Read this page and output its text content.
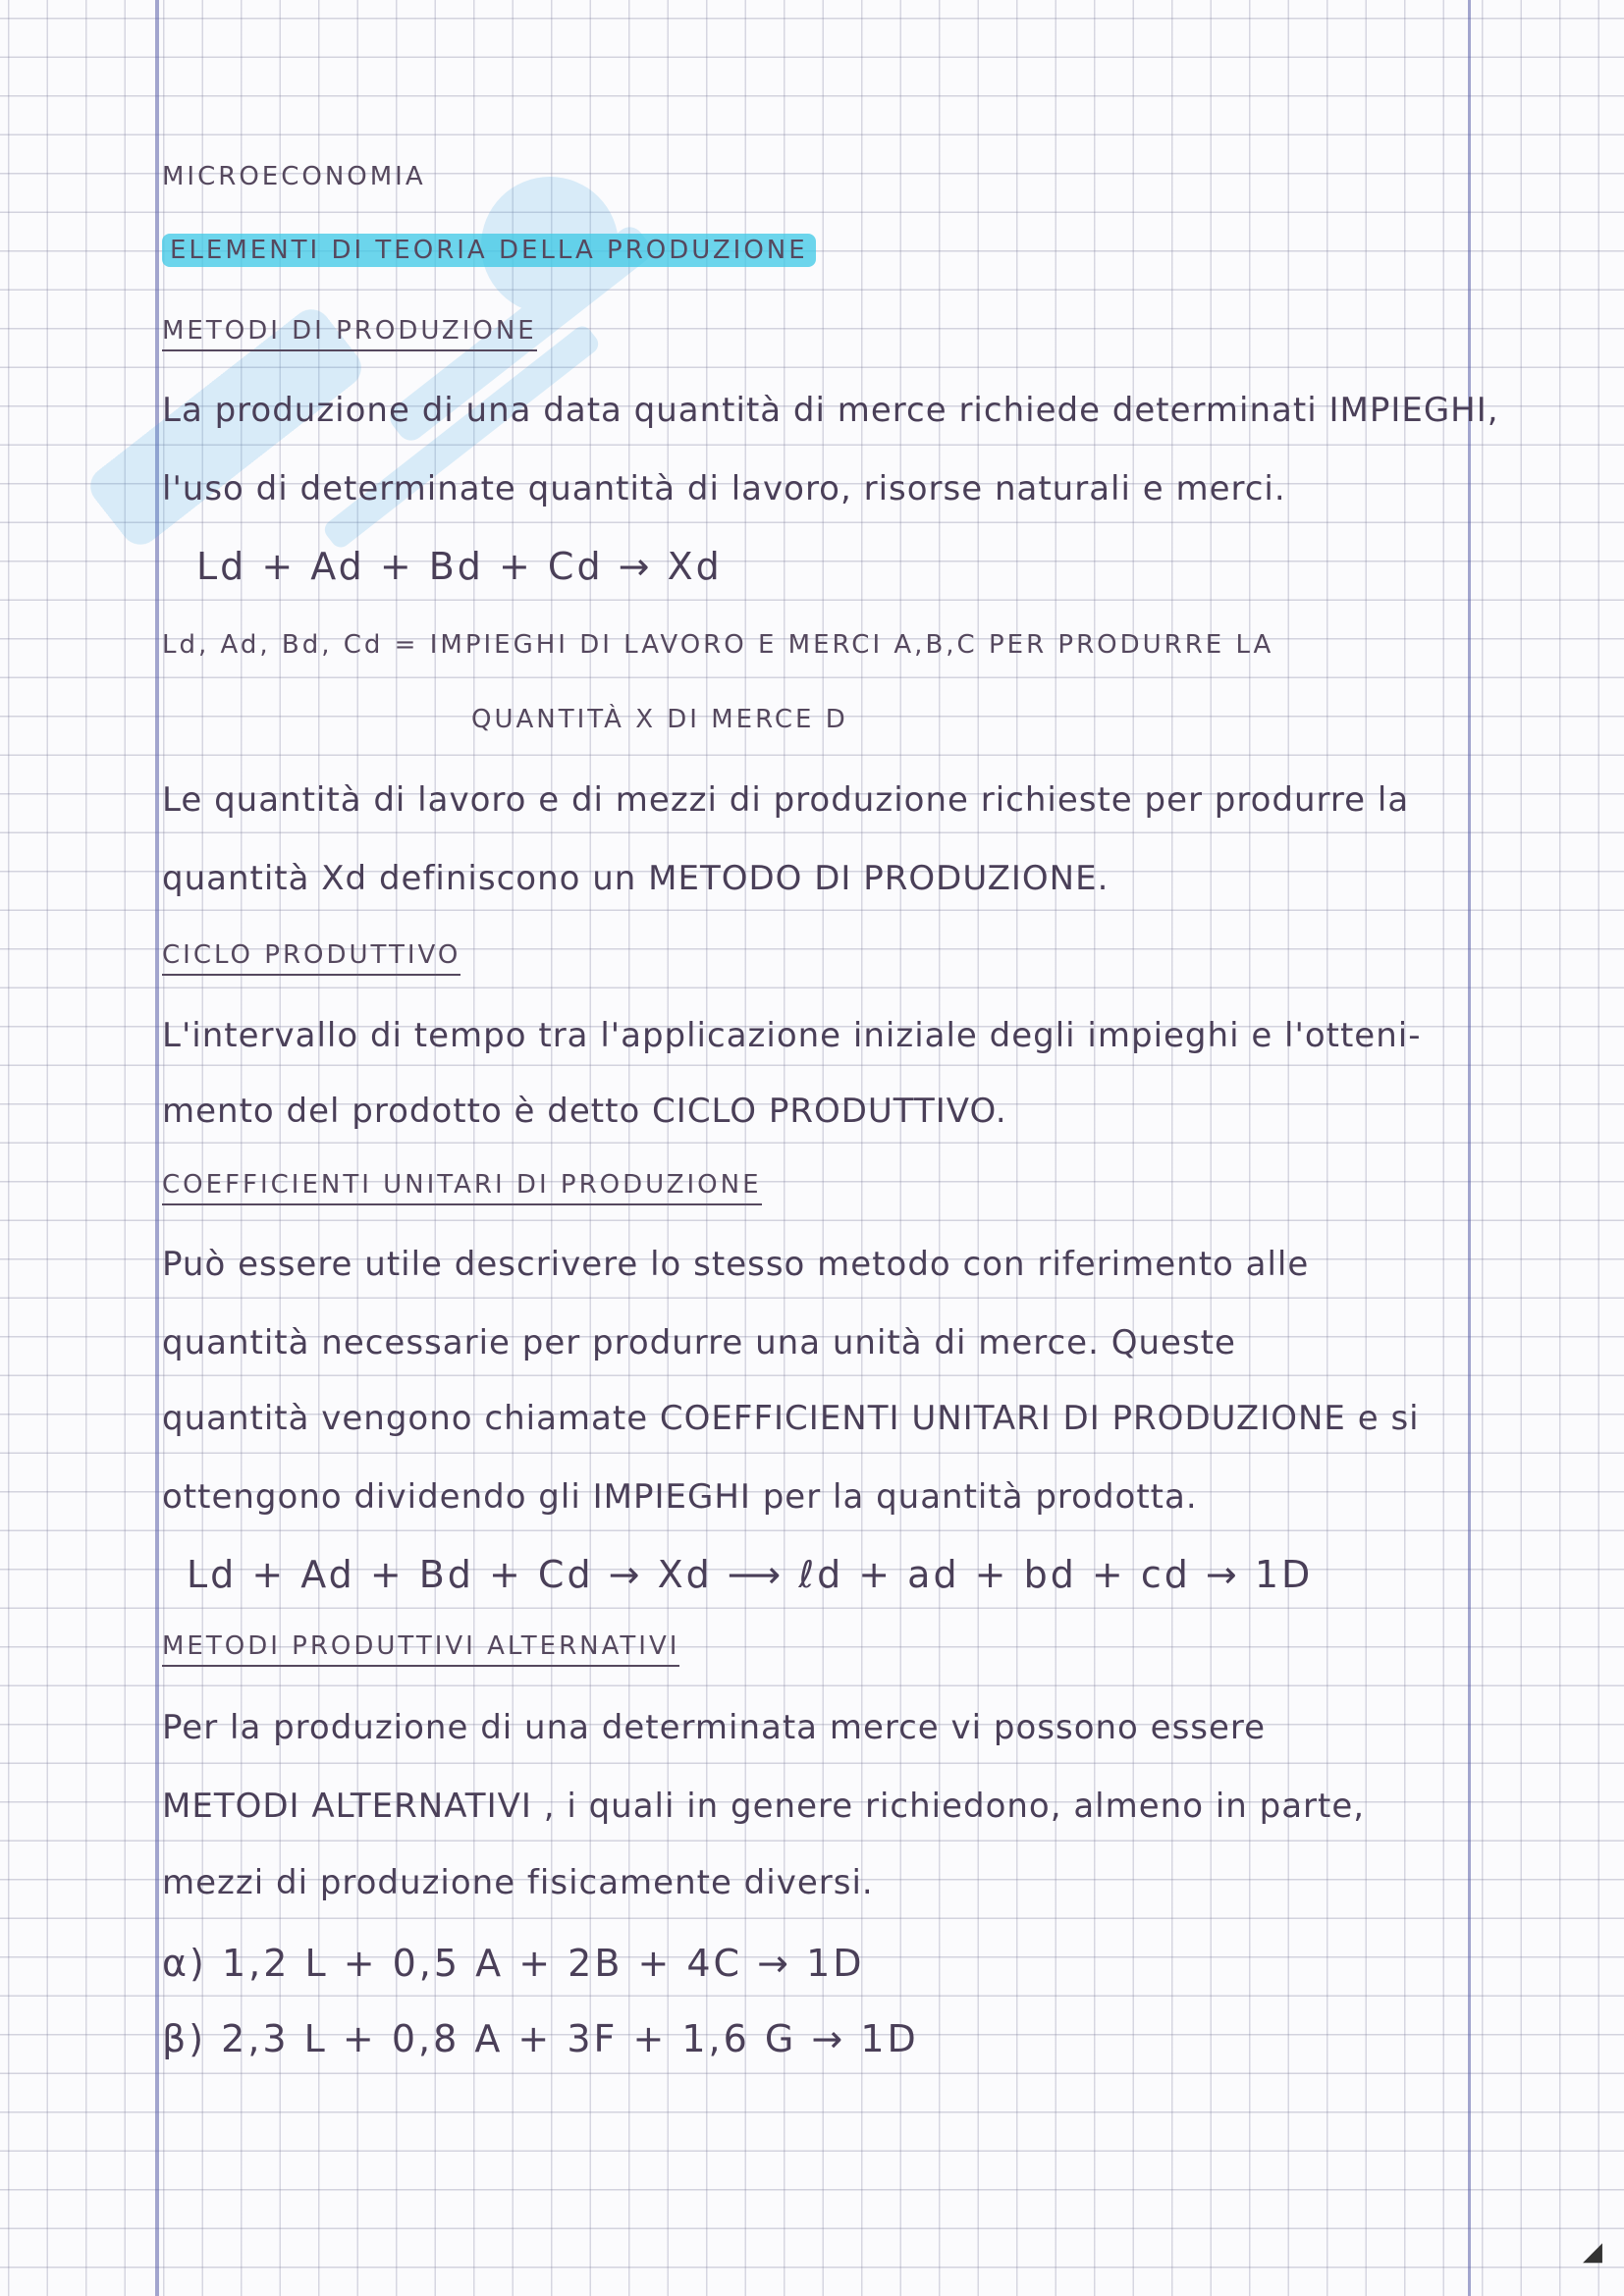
MICROECONOMIA
ELEMENTI DI TEORIA DELLA PRODUZIONE
METODI DI PRODUZIONE
La produzione di una data quantità di merce richiede determinati IMPIEGHI,
l'uso di determinate quantità di lavoro, risorse naturali e merci.
Ld + Ad + Bd + Cd → Xd
Ld, Ad, Bd, Cd = IMPIEGHI DI LAVORO E MERCI A,B,C PER PRODURRE LA
QUANTITÀ X DI MERCE D
Le quantità di lavoro e di mezzi di produzione richieste per produrre la
quantità Xd definiscono un METODO DI PRODUZIONE.
CICLO PRODUTTIVO
L'intervallo di tempo tra l'applicazione iniziale degli impieghi e l'otteni-
mento del prodotto è detto CICLO PRODUTTIVO.
COEFFICIENTI UNITARI DI PRODUZIONE
Può essere utile descrivere lo stesso metodo con riferimento alle
quantità necessarie per produrre una unità di merce. Queste
quantità vengono chiamate COEFFICIENTI UNITARI DI PRODUZIONE e si
ottengono dividendo gli IMPIEGHI per la quantità prodotta.
Ld + Ad + Bd + Cd → Xd ⟶ ℓd + ad + bd + cd → 1D
METODI PRODUTTIVI ALTERNATIVI
Per la produzione di una determinata merce vi possono essere
METODI ALTERNATIVI , i quali in genere richiedono, almeno in parte,
mezzi di produzione fisicamente diversi.
α) 1,2 L + 0,5 A + 2B + 4C → 1D
β) 2,3 L + 0,8 A + 3F + 1,6 G → 1D
◢
